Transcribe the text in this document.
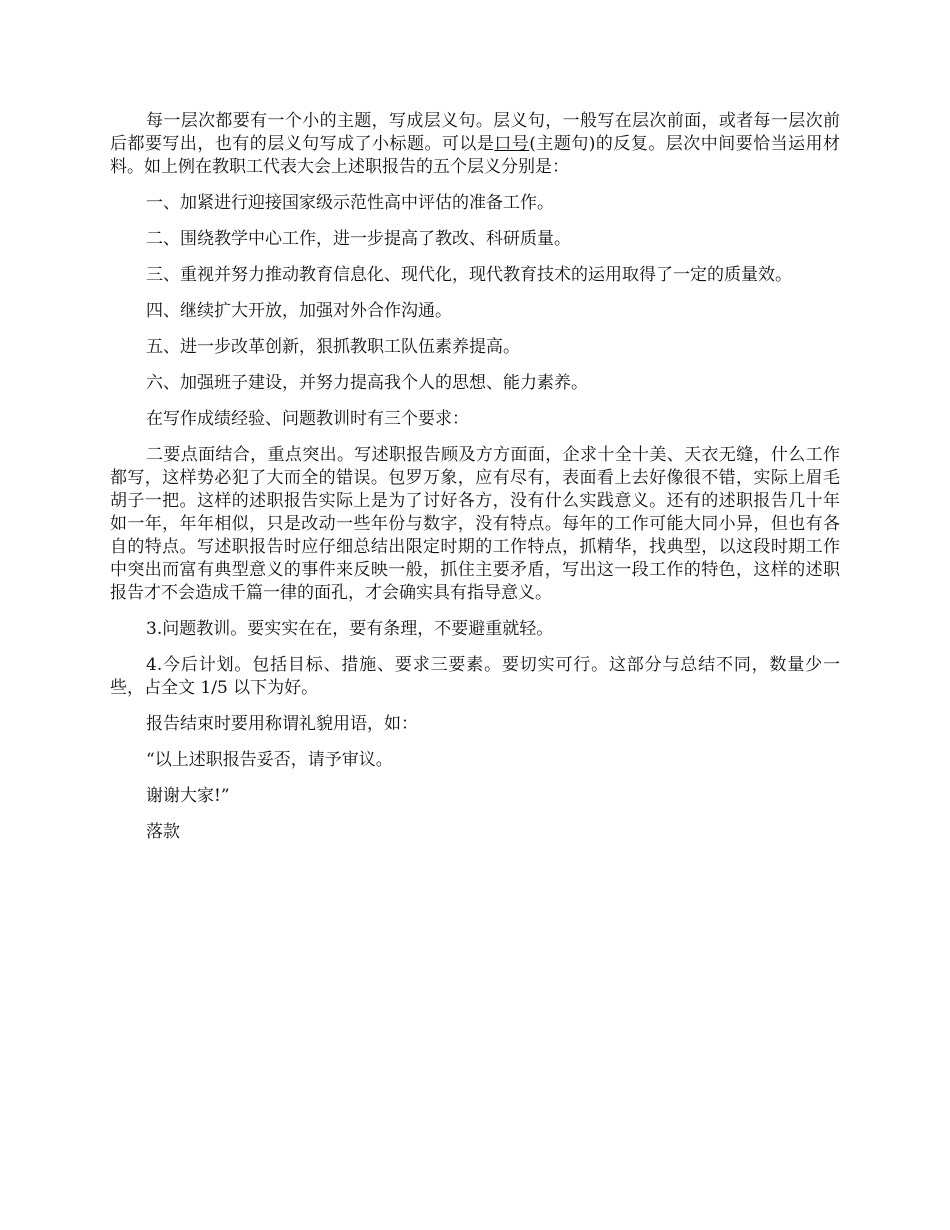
每一层次都要有一个小的主题，写成层义句。层义句，一般写在层次前面，或者每一层次前后都要写出，也有的层义句写成了小标题。可以是口号(主题句)的反复。层次中间要恰当运用材料。如上例在教职工代表大会上述职报告的五个层义分别是：

一、加紧进行迎接国家级示范性高中评估的准备工作。

二、围绕教学中心工作，进一步提高了教改、科研质量。

三、重视并努力推动教育信息化、现代化，现代教育技术的运用取得了一定的质量效。

四、继续扩大开放，加强对外合作沟通。

五、进一步改革创新，狠抓教职工队伍素养提高。

六、加强班子建设，并努力提高我个人的思想、能力素养。

在写作成绩经验、问题教训时有三个要求：

二要点面结合，重点突出。写述职报告顾及方方面面，企求十全十美、天衣无缝，什么工作都写，这样势必犯了大而全的错误。包罗万象，应有尽有，表面看上去好像很不错，实际上眉毛胡子一把。这样的述职报告实际上是为了讨好各方，没有什么实践意义。还有的述职报告几十年如一年，年年相似，只是改动一些年份与数字，没有特点。每年的工作可能大同小异，但也有各自的特点。写述职报告时应仔细总结出限定时期的工作特点，抓精华，找典型，以这段时期工作中突出而富有典型意义的事件来反映一般，抓住主要矛盾，写出这一段工作的特色，这样的述职报告才不会造成千篇一律的面孔，才会确实具有指导意义。

3.问题教训。要实实在在，要有条理，不要避重就轻。

4.今后计划。包括目标、措施、要求三要素。要切实可行。这部分与总结不同，数量少一些，占全文 1/5 以下为好。

报告结束时要用称谓礼貌用语，如：

“以上述职报告妥否，请予审议。

谢谢大家!”

落款
